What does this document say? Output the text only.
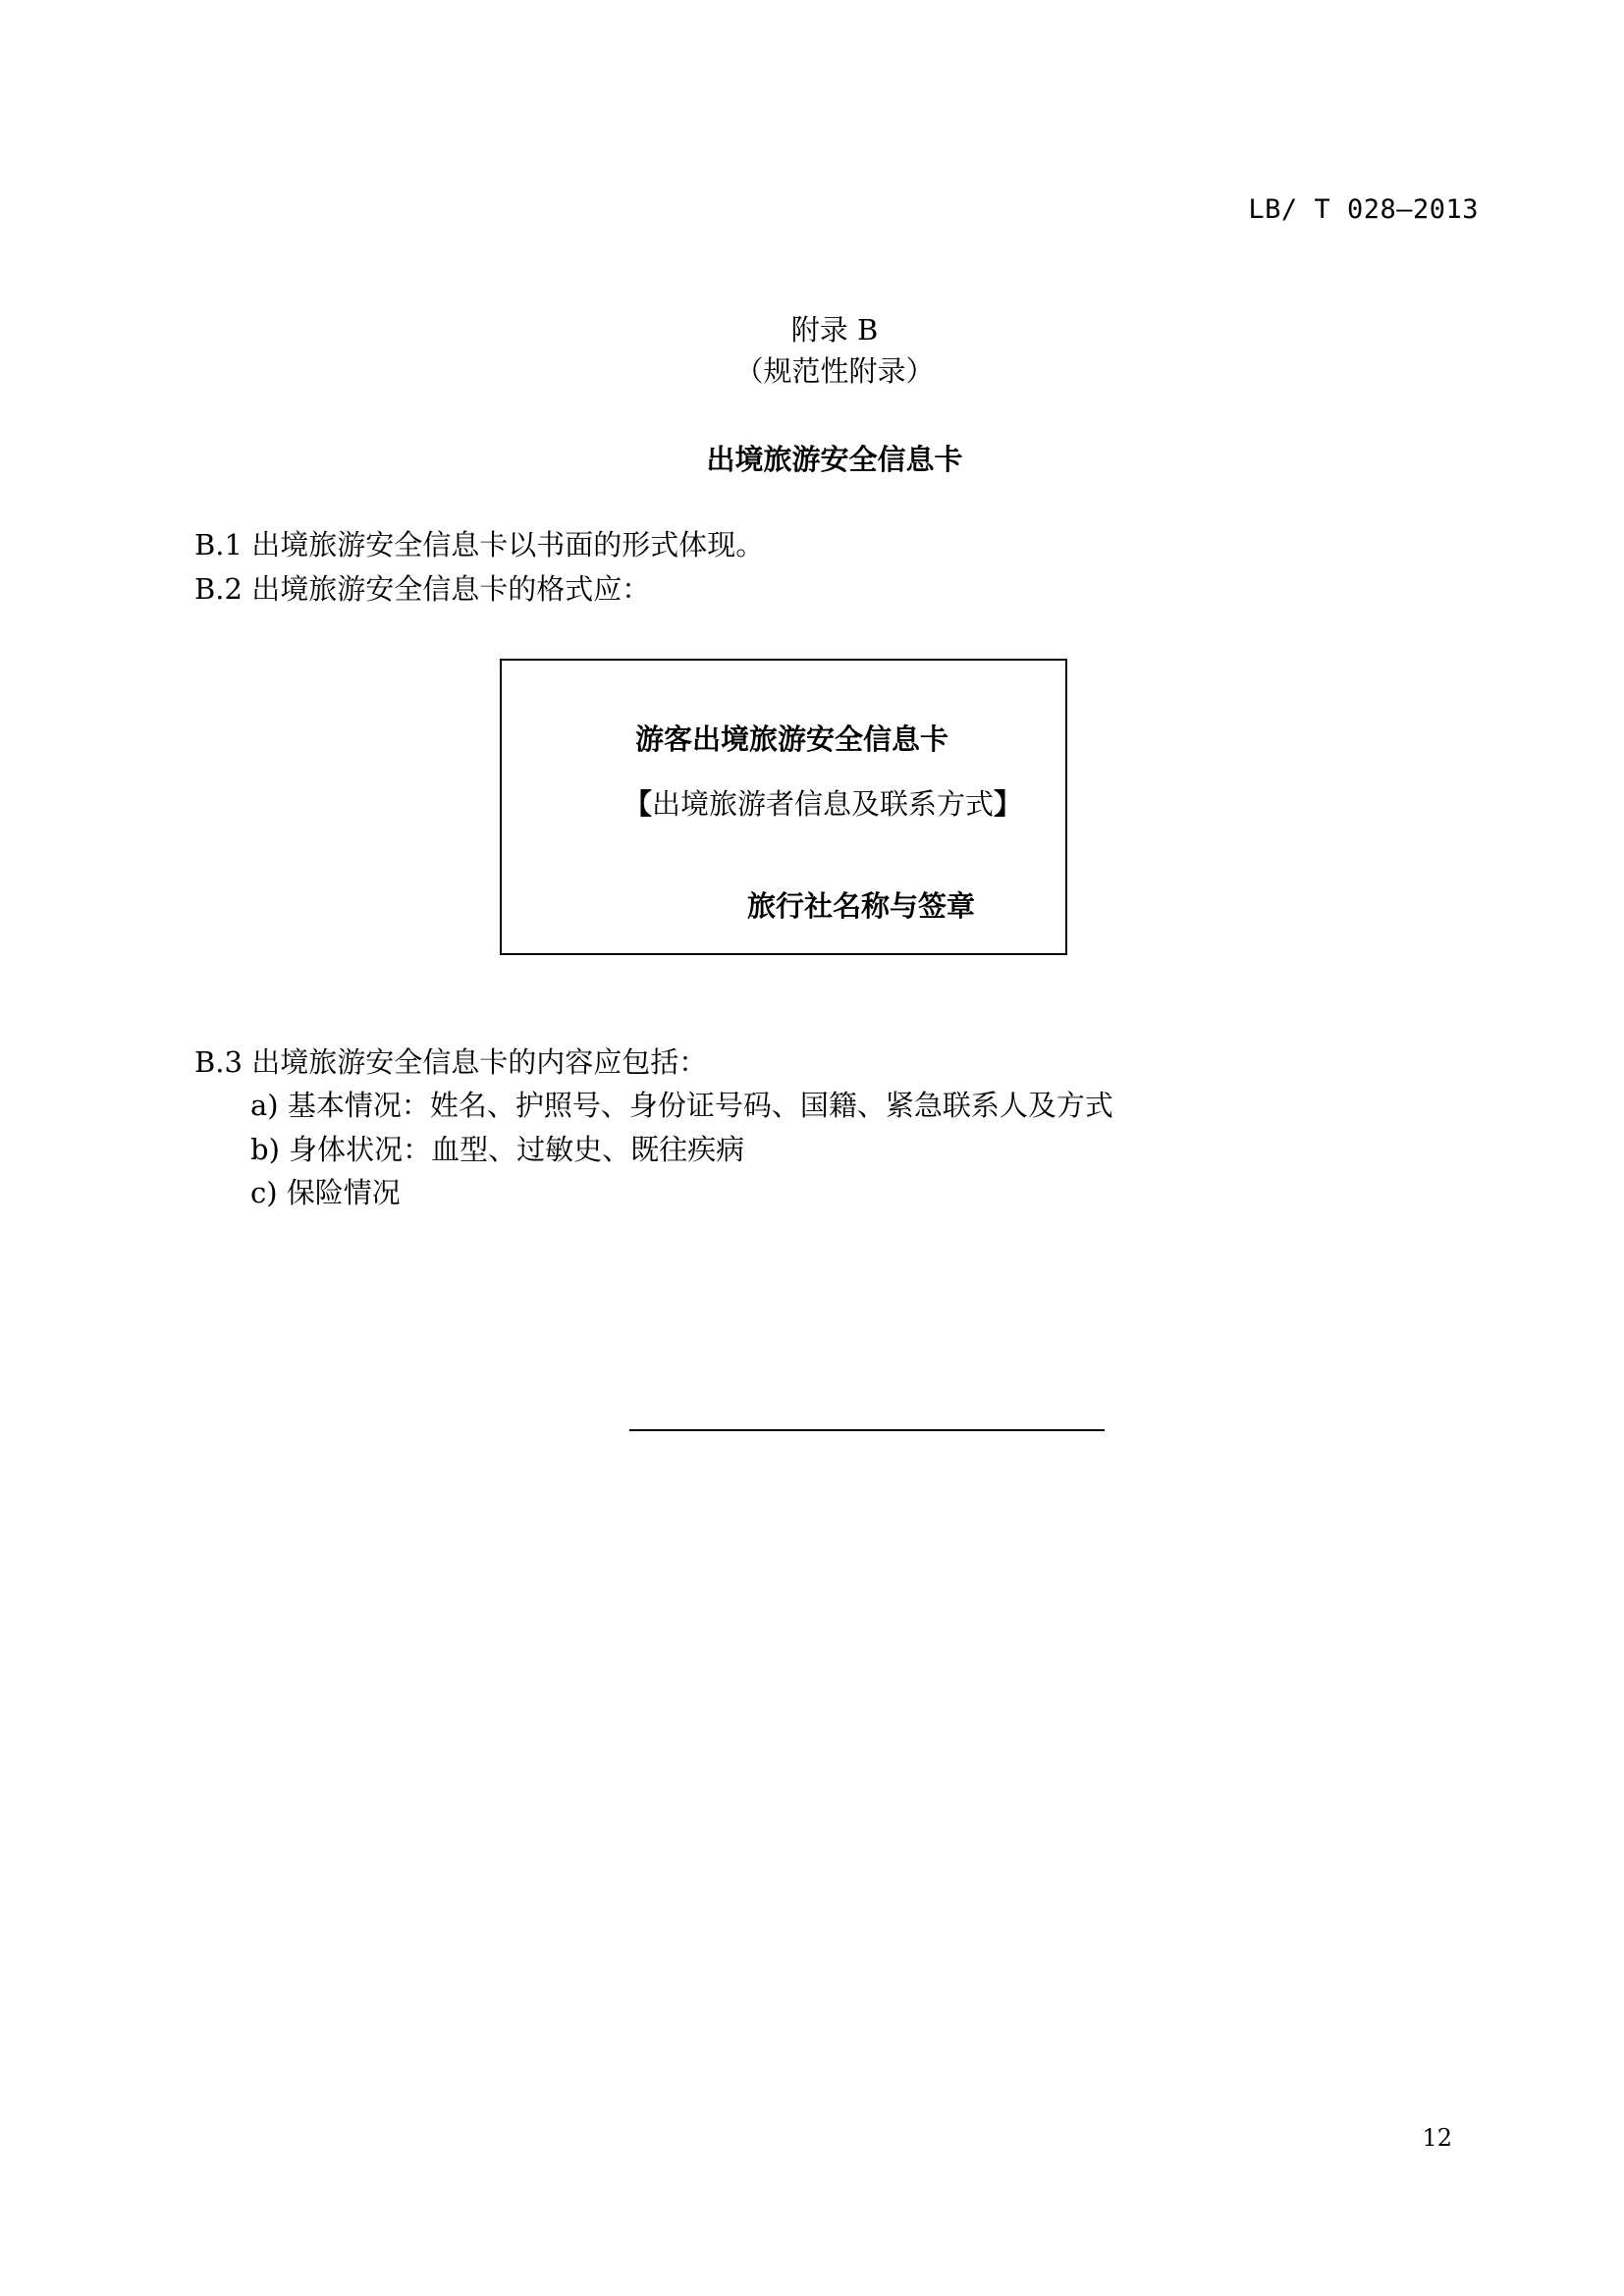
LB/ T 028—2013
附录 B
（规范性附录）
出境旅游安全信息卡
B.1 出境旅游安全信息卡以书面的形式体现。
B.2 出境旅游安全信息卡的格式应：
游客出境旅游安全信息卡
【出境旅游者信息及联系方式】
旅行社名称与签章
B.3 出境旅游安全信息卡的内容应包括：
a) 基本情况：姓名、护照号、身份证号码、国籍、紧急联系人及方式
b) 身体状况：血型、过敏史、既往疾病
c) 保险情况
12
